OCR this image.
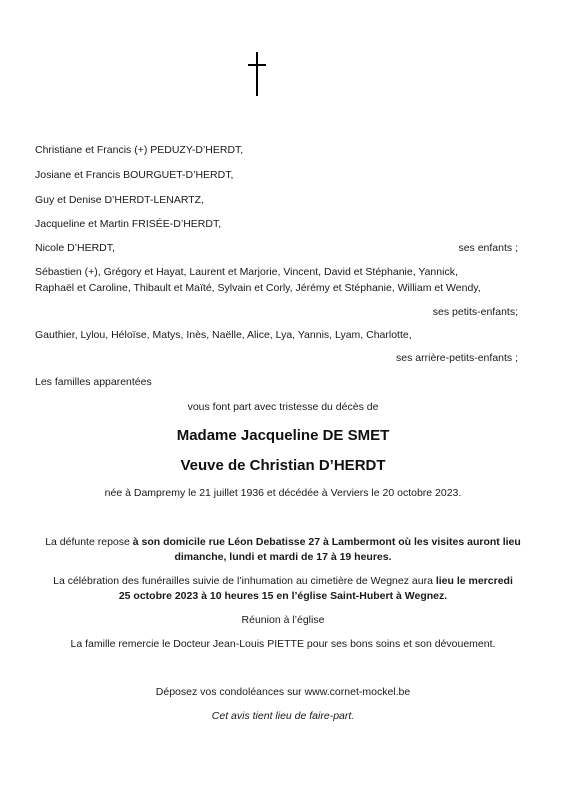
Christiane et Francis (+) PEDUZY-D’HERDT,
Josiane et Francis BOURGUET-D’HERDT,
Guy et Denise D’HERDT-LENARTZ,
Jacqueline et Martin FRISÉE-D’HERDT,
Nicole D’HERDT,	ses enfants ;
Sébastien (+), Grégory et Hayat, Laurent et Marjorie, Vincent, David et Stéphanie, Yannick,
Raphaël et Caroline, Thibault et Maïté, Sylvain et Corly, Jérémy et Stéphanie, William et Wendy,
ses petits-enfants;
Gauthier, Lylou, Héloïse, Matys, Inès, Naëlle, Alice, Lya, Yannis, Lyam, Charlotte,
ses arrière-petits-enfants ;
Les familles apparentées
vous font part avec tristesse du décès de
Madame Jacqueline DE SMET
Veuve de Christian D’HERDT
née à Dampremy le 21 juillet 1936 et décédée à Verviers le 20 octobre 2023.
La défunte repose à son domicile rue Léon Debatisse 27 à Lambermont où les visites auront lieu
dimanche, lundi et mardi de 17 à 19 heures.
La célébration des funérailles suivie de l’inhumation au cimetière de Wegnez aura lieu le mercredi
25 octobre 2023 à 10 heures 15 en l’église Saint-Hubert à Wegnez.
Réunion à l’église
La famille remercie le Docteur Jean-Louis PIETTE pour ses bons soins et son dévouement.
Déposez vos condoléances sur www.cornet-mockel.be
Cet avis tient lieu de faire-part.
